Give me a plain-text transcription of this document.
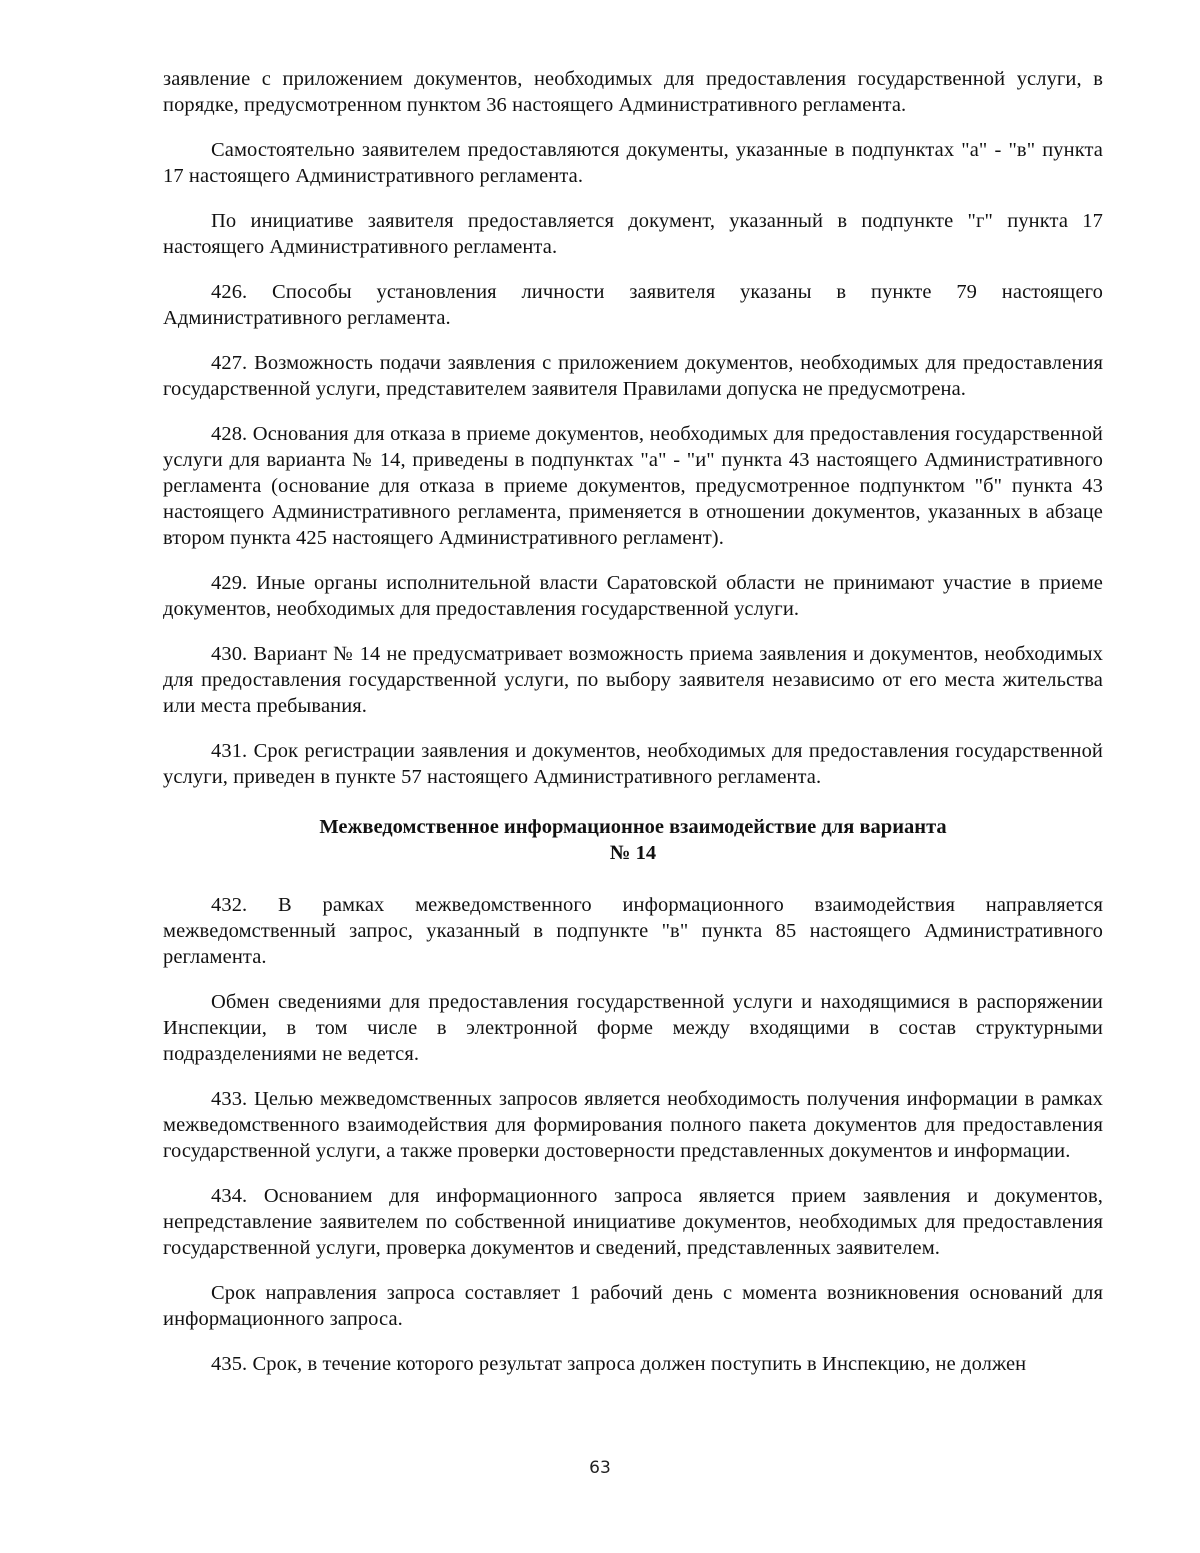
заявление с приложением документов, необходимых для предоставления государственной услуги, в порядке, предусмотренном пунктом 36 настоящего Административного регламента.

Самостоятельно заявителем предоставляются документы, указанные в подпунктах "а" - "в" пункта 17 настоящего Административного регламента.

По инициативе заявителя предоставляется документ, указанный в подпункте "г" пункта 17 настоящего Административного регламента.

426. Способы установления личности заявителя указаны в пункте 79 настоящего Административного регламента.

427. Возможность подачи заявления с приложением документов, необходимых для предоставления государственной услуги, представителем заявителя Правилами допуска не предусмотрена.

428. Основания для отказа в приеме документов, необходимых для предоставления государственной услуги для варианта № 14, приведены в подпунктах "а" - "и" пункта 43 настоящего Административного регламента (основание для отказа в приеме документов, предусмотренное подпунктом "б" пункта 43 настоящего Административного регламента, применяется в отношении документов, указанных в абзаце втором пункта 425 настоящего Административного регламент).

429. Иные органы исполнительной власти Саратовской области не принимают участие в приеме документов, необходимых для предоставления государственной услуги.

430. Вариант № 14 не предусматривает возможность приема заявления и документов, необходимых для предоставления государственной услуги, по выбору заявителя независимо от его места жительства или места пребывания.

431. Срок регистрации заявления и документов, необходимых для предоставления государственной услуги, приведен в пункте 57 настоящего Административного регламента.

Межведомственное информационное взаимодействие для варианта
№ 14

432. В рамках межведомственного информационного взаимодействия направляется межведомственный запрос, указанный в подпункте "в" пункта 85 настоящего Административного регламента.

Обмен сведениями для предоставления государственной услуги и находящимися в распоряжении Инспекции, в том числе в электронной форме между входящими в состав структурными подразделениями не ведется.

433. Целью межведомственных запросов является необходимость получения информации в рамках межведомственного взаимодействия для формирования полного пакета документов для предоставления государственной услуги, а также проверки достоверности представленных документов и информации.

434. Основанием для информационного запроса является прием заявления и документов, непредставление заявителем по собственной инициативе документов, необходимых для предоставления государственной услуги, проверка документов и сведений, представленных заявителем.

Срок направления запроса составляет 1 рабочий день с момента возникновения оснований для информационного запроса.

435. Срок, в течение которого результат запроса должен поступить в Инспекцию, не должен

63
